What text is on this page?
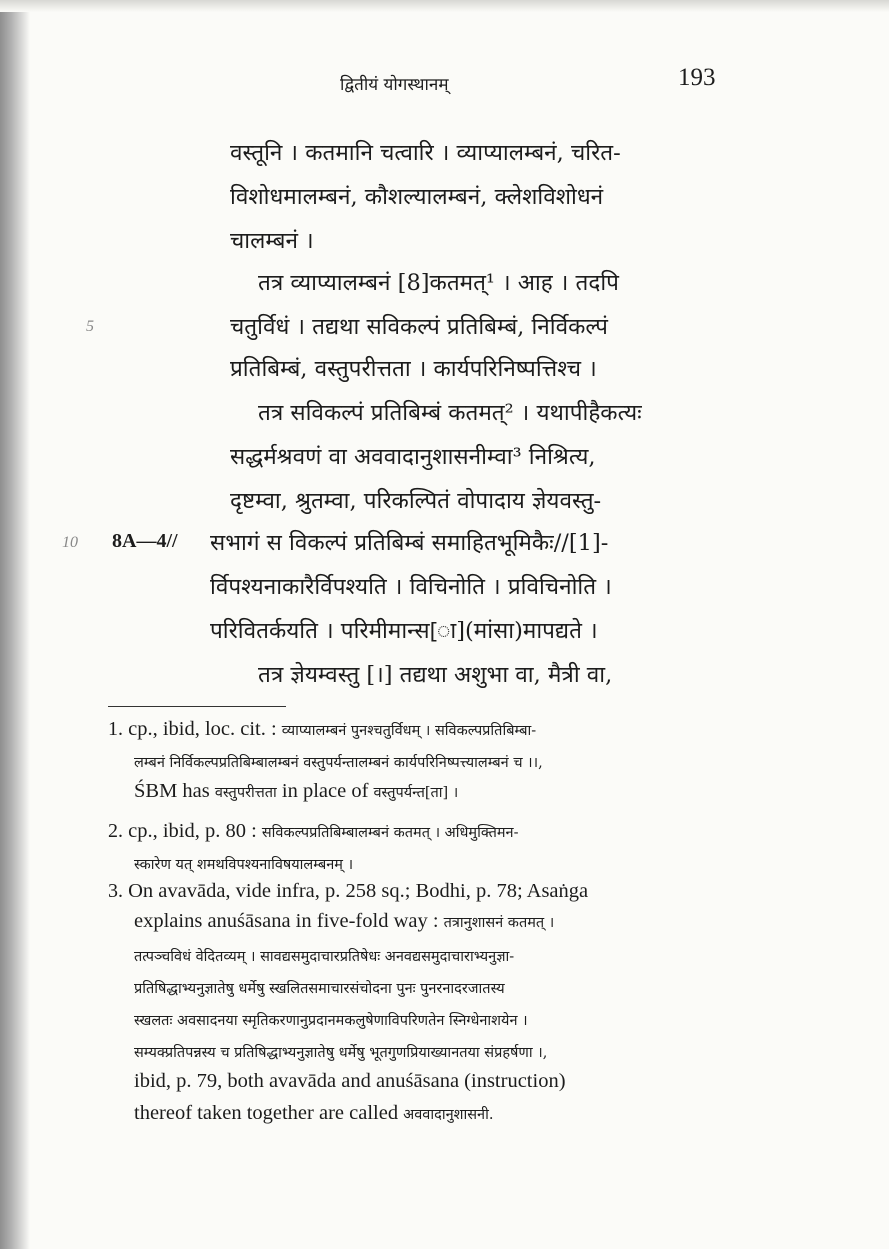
द्वितीयं योगस्थानम्	193
वस्तूनि । कतमानि चत्वारि । व्याप्यालम्बनं, चरित-
विशोधमालम्बनं, कौशल्यालम्बनं, क्लेशविशोधनं
चालम्बनं ।
तत्र व्याप्यालम्बनं [8]कतमत्¹ । आह । तदपि
5	चतुर्विधं । तद्यथा सविकल्पं प्रतिबिम्बं, निर्विकल्पं
प्रतिबिम्बं, वस्तुपरीत्तता । कार्यपरिनिष्पत्तिश्च ।
तत्र सविकल्पं प्रतिबिम्बं कतमत्² । यथापीहैकत्यः
सद्धर्मश्रवणं वा अववादानुशासनीम्वा³ निश्रित्य,
दृष्टम्वा, श्रुतम्वा, परिकल्पितं वोपादाय ज्ञेयवस्तु-
10 8A—4// सभागं स विकल्पं प्रतिबिम्बं समाहितभूमिकैः//[1]-
र्विपश्यनाकारैर्विपश्यति । विचिनोति । प्रविचिनोति ।
परिवितर्कयति । परिमीमान्स[ा](मांसा)मापद्यते ।
तत्र ज्ञेयम्वस्तु [।] तद्यथा अशुभा वा, मैत्री वा,
1. cp., ibid, loc. cit. : व्याप्यालम्बनं पुनश्चतुर्विधम् । सविकल्पप्रतिबिम्बा-
लम्बनं निर्विकल्पप्रतिबिम्बालम्बनं वस्तुपर्यन्तालम्बनं कार्यपरिनिष्पत्त्यालम्बनं च ।।,
ŚBM has वस्तुपरीत्तता in place of वस्तुपर्यन्त[ता] ।
2. cp., ibid, p. 80 : सविकल्पप्रतिबिम्बालम्बनं कतमत् । अधिमुक्तिमन-
स्कारेण यत् शमथविपश्यनाविषयालम्बनम् ।
3. On avavāda, vide infra, p. 258 sq.; Bodhi, p. 78; Asaṅga
explains anuśāsana in five-fold way : तत्रानुशासनं कतमत् ।
तत्पञ्चविधं वेदितव्यम् । सावद्यसमुदाचारप्रतिषेधः अनवद्यसमुदाचाराभ्यनुज्ञा-
प्रतिषिद्धाभ्यनुज्ञातेषु धर्मेषु स्खलितसमाचारसंचोदना पुनः पुनरनादरजातस्य
स्खलतः अवसादनया स्मृतिकरणानुप्रदानमकलुषेणाविपरिणतेन स्निग्धेनाशयेन ।
सम्यक्प्रतिपन्नस्य च प्रतिषिद्धाभ्यनुज्ञातेषु धर्मेषु भूतगुणप्रियाख्यानतया संप्रहर्षणा ।,
ibid, p. 79, both avavāda and anuśāsana (instruction)
thereof taken together are called अववादानुशासनी.
